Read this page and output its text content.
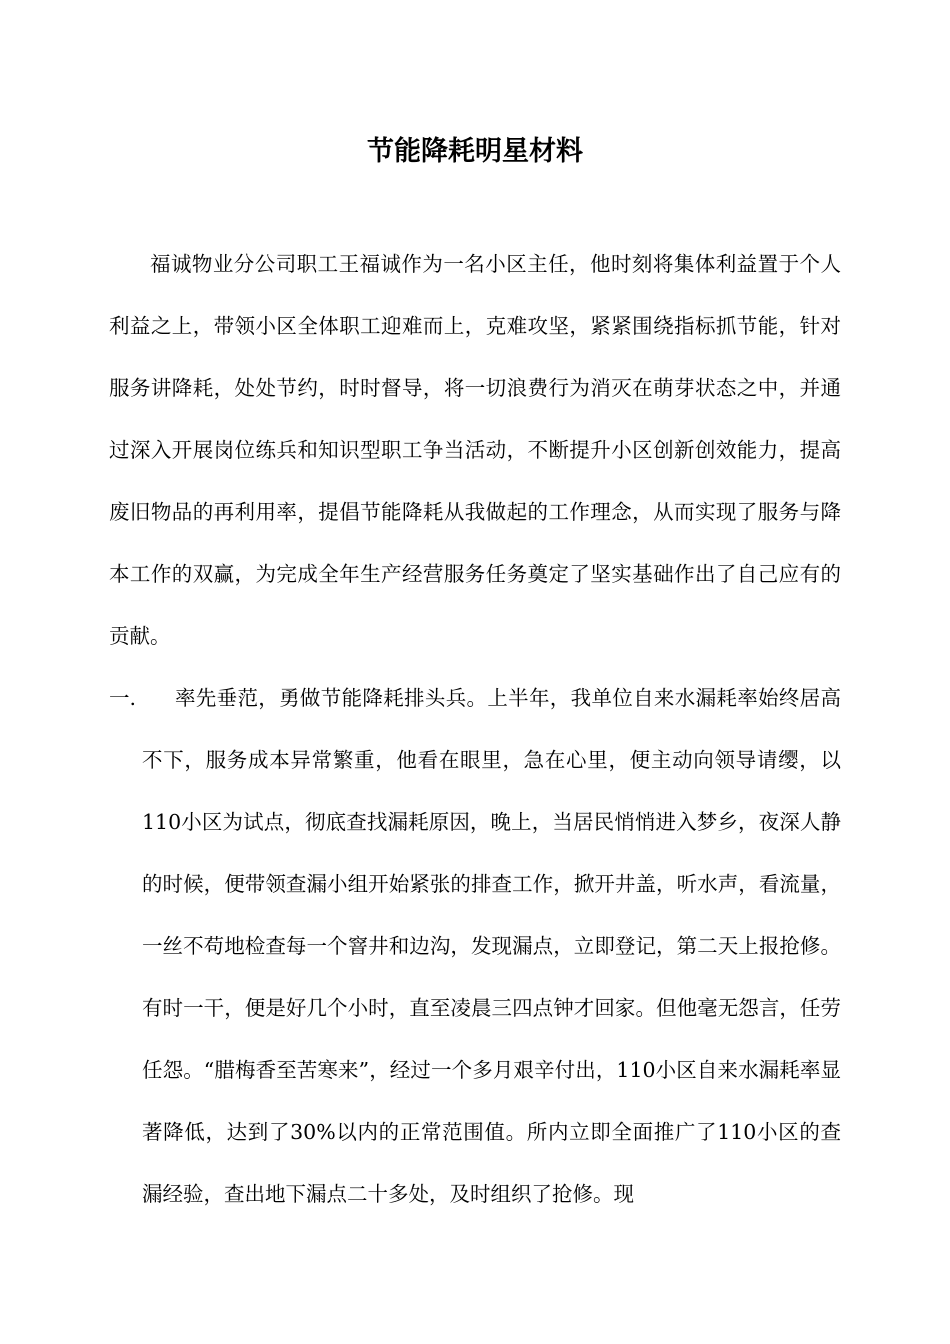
节能降耗明星材料

福诚物业分公司职工王福诚作为一名小区主任，他时刻将集体利益置于个人利益之上，带领小区全体职工迎难而上，克难攻坚，紧紧围绕指标抓节能，针对服务讲降耗，处处节约，时时督导，将一切浪费行为消灭在萌芽状态之中，并通过深入开展岗位练兵和知识型职工争当活动，不断提升小区创新创效能力，提高废旧物品的再利用率，提倡节能降耗从我做起的工作理念，从而实现了服务与降本工作的双赢，为完成全年生产经营服务任务奠定了坚实基础作出了自己应有的贡献。

一.	率先垂范，勇做节能降耗排头兵。上半年，我单位自来水漏耗率始终居高不下，服务成本异常繁重，他看在眼里，急在心里，便主动向领导请缨，以110小区为试点，彻底查找漏耗原因，晚上，当居民悄悄进入梦乡，夜深人静的时候，便带领查漏小组开始紧张的排查工作，掀开井盖，听水声，看流量，一丝不苟地检查每一个窨井和边沟，发现漏点，立即登记，第二天上报抢修。有时一干，便是好几个小时，直至凌晨三四点钟才回家。但他毫无怨言，任劳任怨。“腊梅香至苦寒来”，经过一个多月艰辛付出，110小区自来水漏耗率显著降低，达到了30%以内的正常范围值。所内立即全面推广了110小区的查漏经验，查出地下漏点二十多处，及时组织了抢修。现
